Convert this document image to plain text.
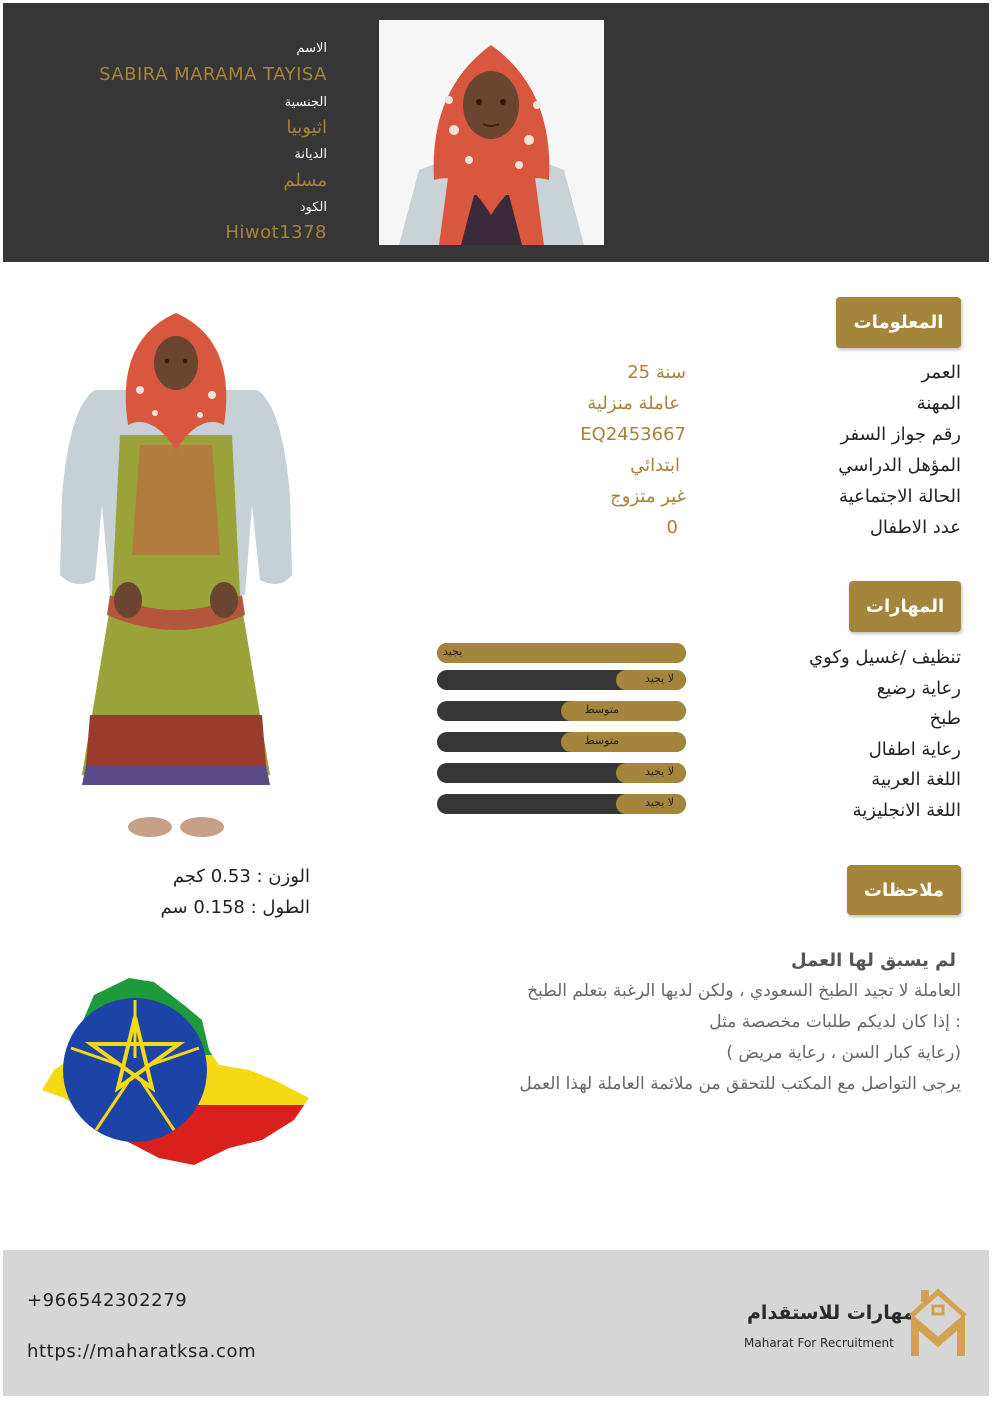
الاسم
SABIRA MARAMA TAYISA
الجنسية
اثيوبيا
الديانة
مسلم
الكود
Hiwot1378
المعلومات
العمر
25 سنة
المهنة
عاملة منزلية
رقم جواز السفر
EQ2453667
المؤهل الدراسي
ابتدائي
الحالة الاجتماعية
غير متزوج
عدد الاطفال
0
المهارات
تنظيف /غسيل وكوي
يجيد
رعاية رضيع
لا يجيد
طبخ
متوسط
رعاية اطفال
متوسط
اللغة العربية
لا يجيد
اللغة الانجليزية
لا يجيد
الوزن : 0.53 كجم
الطول : 0.158 سم
ملاحظات
لم يسبق لها العمل
العاملة لا تجيد الطبخ السعودي ، ولكن لديها الرغبة بتعلم الطبخ
إذا كان لديكم طلبات مخصصة مثل :
( رعاية كبار السن ، رعاية مريض)
يرجى التواصل مع المكتب للتحقق من ملائمة العاملة لهذا العمل
+966542302279
https://maharatksa.com
مهارات للاستقدام
Maharat For Recruitment
